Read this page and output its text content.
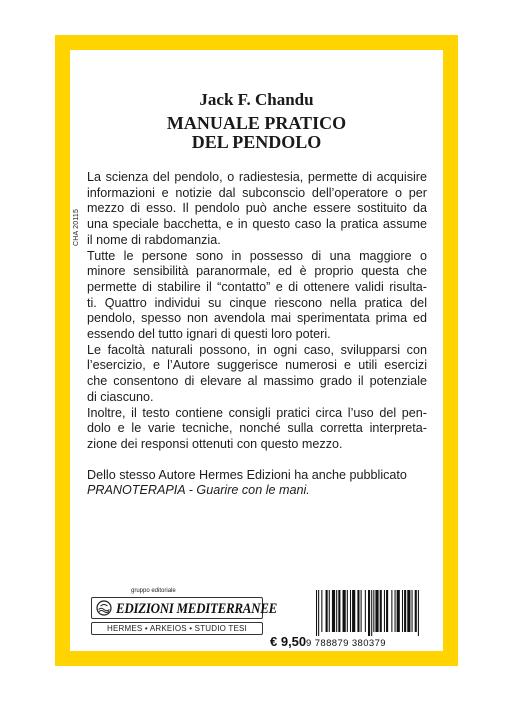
CHA 20115
Jack F. Chandu
MANUALE PRATICO
DEL PENDOLO
La scienza del pendolo, o radiestesia, permette di acquisire
informazioni e notizie dal subconscio dell’operatore o per
mezzo di esso. Il pendolo può anche essere sostituito da
una speciale bacchetta, e in questo caso la pratica assume
il nome di rabdomanzia.
Tutte le persone sono in possesso di una maggiore o
minore sensibilità paranormale, ed è proprio questa che
permette di stabilire il “contatto” e di ottenere validi risulta-
ti. Quattro individui su cinque riescono nella pratica del
pendolo, spesso non avendola mai sperimentata prima ed
essendo del tutto ignari di questi loro poteri.
Le facoltà naturali possono, in ogni caso, svilupparsi con
l’esercizio, e l’Autore suggerisce numerosi e utili esercizi
che consentono di elevare al massimo grado il potenziale
di ciascuno.
Inoltre, il testo contiene consigli pratici circa l’uso del pen-
dolo e le varie tecniche, nonché sulla corretta interpreta-
zione dei responsi ottenuti con questo mezzo.
Dello stesso Autore Hermes Edizioni ha anche pubblicato
PRANOTERAPIA - Guarire con le mani.
gruppo editoriale
EDIZIONI MEDITERRANEE
HERMES • ARKEIOS • STUDIO TESI
€ 9,50 9 788879 380379
